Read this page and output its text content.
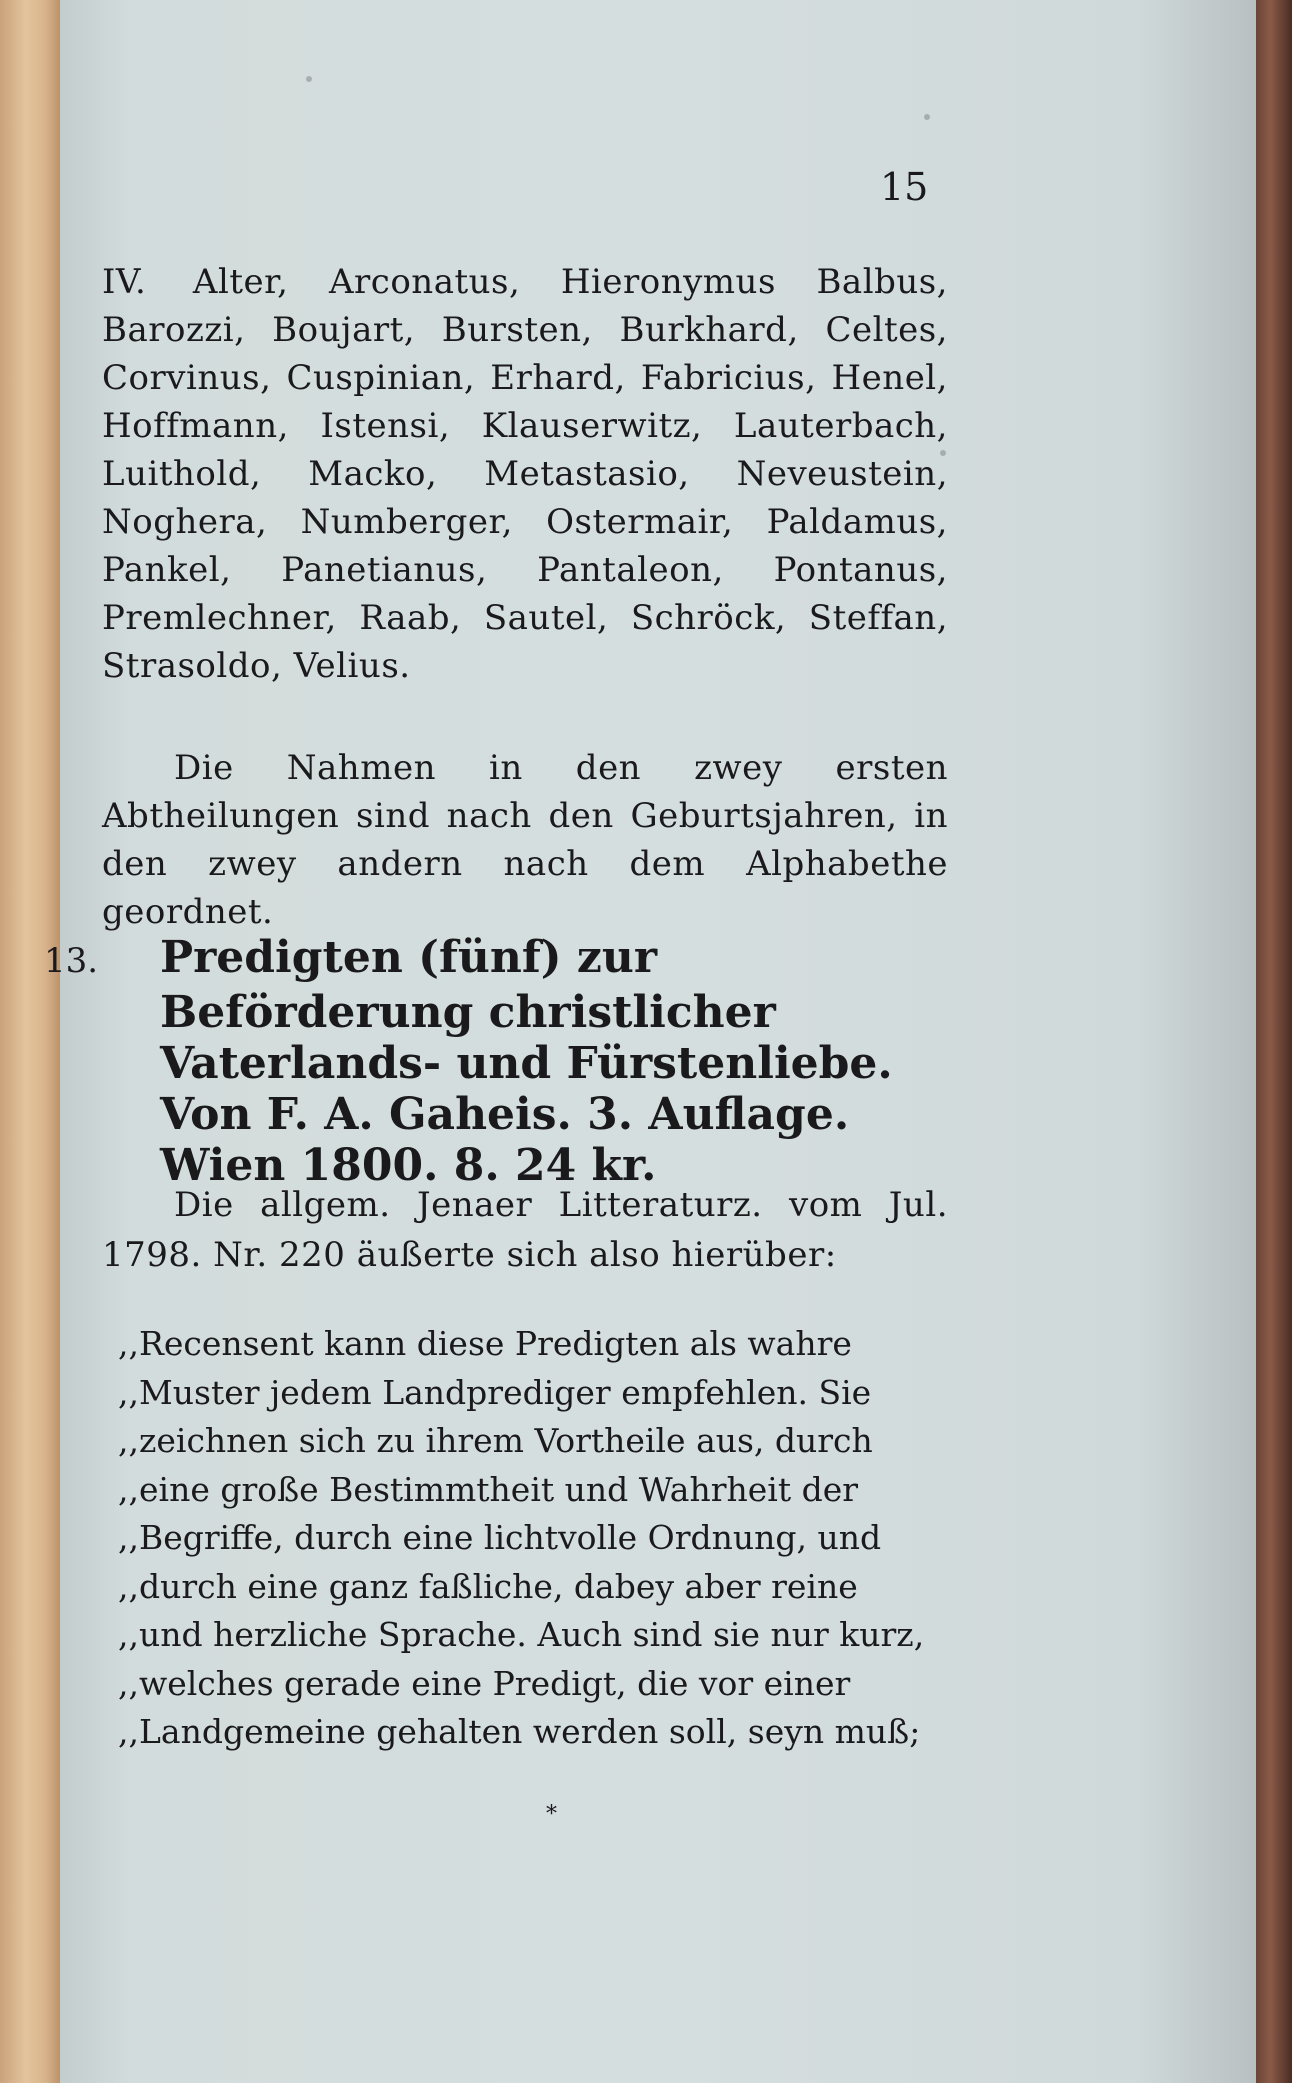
15
IV. Alter, Arconatus, Hieronymus Balbus, Barozzi, Boujart, Bursten, Burkhard, Celtes, Corvinus, Cuspinian, Erhard, Fabricius, Henel, Hoffmann, Istensi, Klauserwitz, Lauterbach, Luithold, Macko, Metastasio, Neveustein, Noghera, Numberger, Ostermair, Paldamus, Pankel, Panetianus, Pantaleon, Pontanus, Premlechner, Raab, Sautel, Schröck, Steffan, Strasoldo, Velius.
Die Nahmen in den zwey ersten Abtheilungen sind nach den Geburtsjahren, in den zwey andern nach dem Alphabethe geordnet.
13. Predigten (fünf) zur Beförderung christlicher Vaterlands- und Fürstenliebe. Von F. A. Gaheis. 3. Auflage. Wien 1800. 8. 24 kr.
Die allgem. Jenaer Litteraturz. vom Jul. 1798. Nr. 220 äußerte sich also hierüber:
,,Recensent kann diese Predigten als wahre
,,Muster jedem Landprediger empfehlen. Sie
,,zeichnen sich zu ihrem Vortheile aus, durch
,,eine große Bestimmtheit und Wahrheit der
,,Begriffe, durch eine lichtvolle Ordnung, und
,,durch eine ganz faßliche, dabey aber reine
,,und herzliche Sprache. Auch sind sie nur kurz,
,,welches gerade eine Predigt, die vor einer
,,Landgemeine gehalten werden soll, seyn muß;
*
